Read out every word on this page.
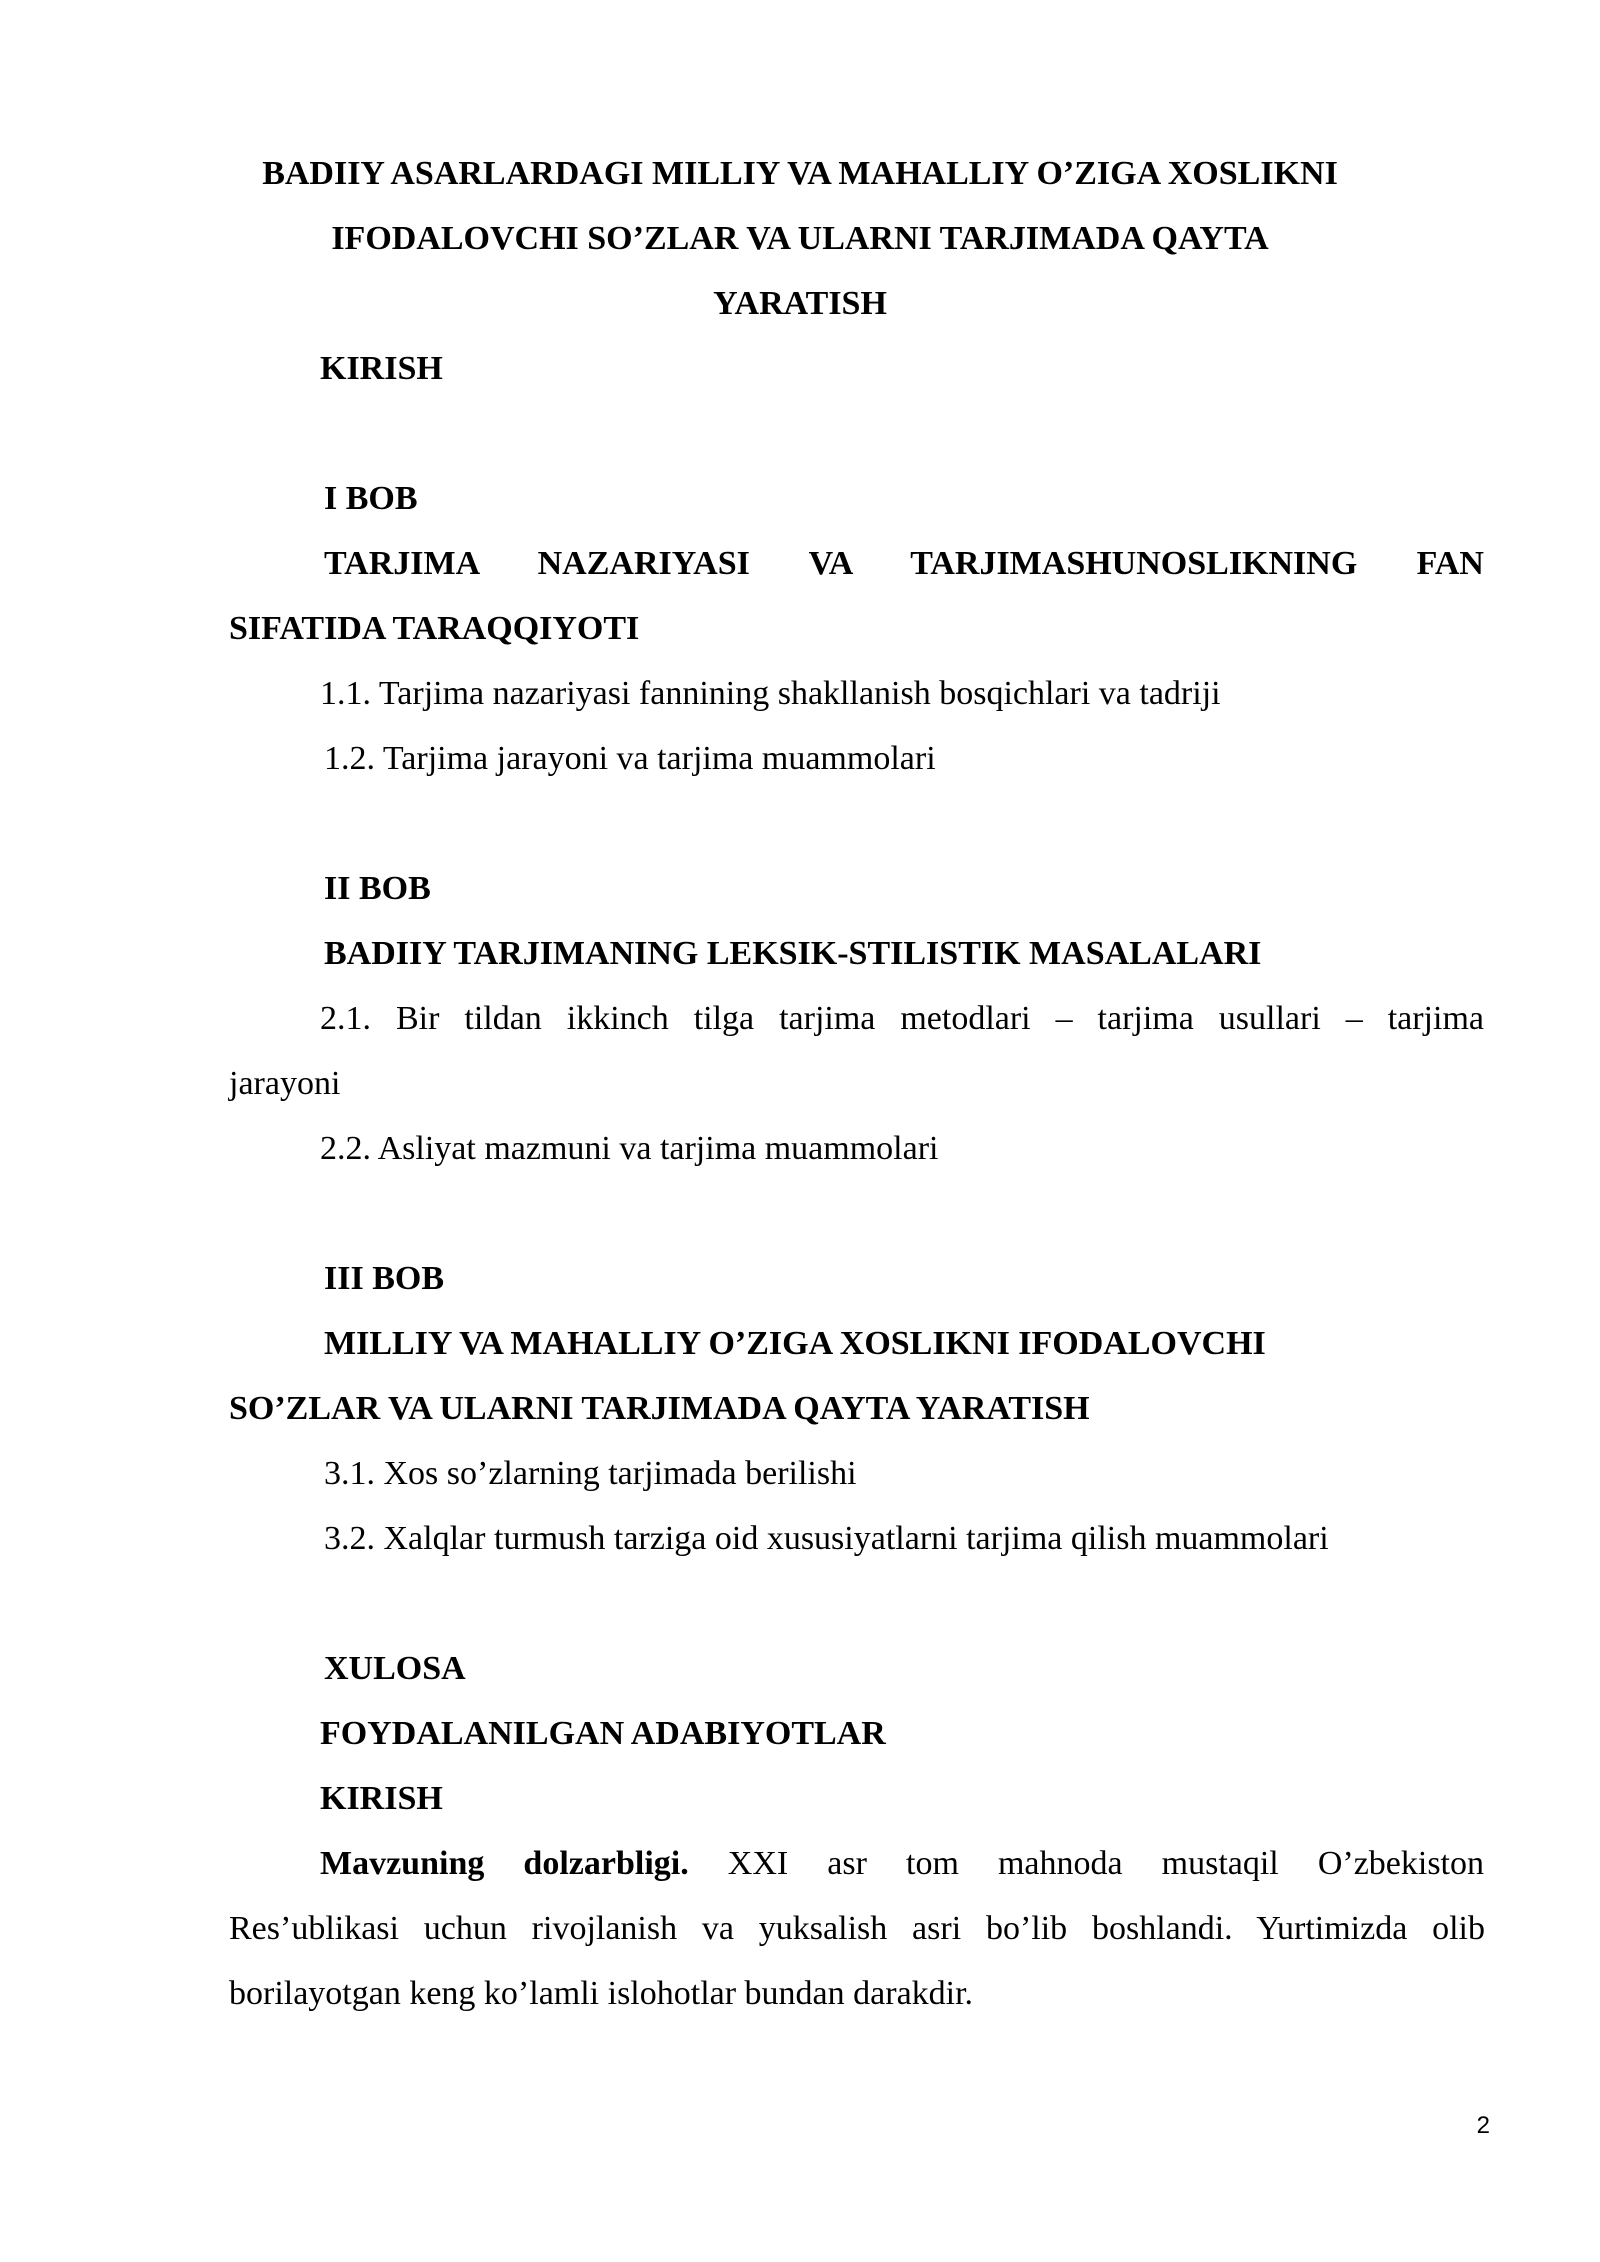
BADIIY ASARLARDAGI MILLIY VA MAHALLIY O’ZIGA XOSLIKNI
IFODALOVCHI SO’ZLAR VA ULARNI TARJIMADA QAYTA
YARATISH
KIRISH
I BOB
TARJIMA NAZARIYASI VA TARJIMASHUNOSLIKNING FAN
SIFATIDA TARAQQIYOTI
1.1. Tarjima nazariyasi fannining shakllanish bosqichlari va tadriji
1.2. Tarjima jarayoni va tarjima muammolari
II BOB
BADIIY TARJIMANING LEKSIK-STILISTIK MASALALARI
2.1. Bir tildan ikkinch tilga tarjima metodlari – tarjima usullari – tarjima
jarayoni
2.2. Asliyat mazmuni va tarjima muammolari
III BOB
MILLIY VA MAHALLIY O’ZIGA XOSLIKNI IFODALOVCHI
SO’ZLAR VA ULARNI TARJIMADA QAYTA YARATISH
3.1. Xos so’zlarning tarjimada berilishi
3.2. Xalqlar turmush tarziga oid xususiyatlarni tarjima qilish muammolari
XULOSA
FOYDALANILGAN ADABIYOTLAR
KIRISH
Mavzuning dolzarbligi. XXI asr tom mahnoda mustaqil O’zbekiston
Res’ublikasi uchun rivojlanish va yuksalish asri bo’lib boshlandi. Yurtimizda olib
borilayotgan keng ko’lamli islohotlar bundan darakdir.
2
